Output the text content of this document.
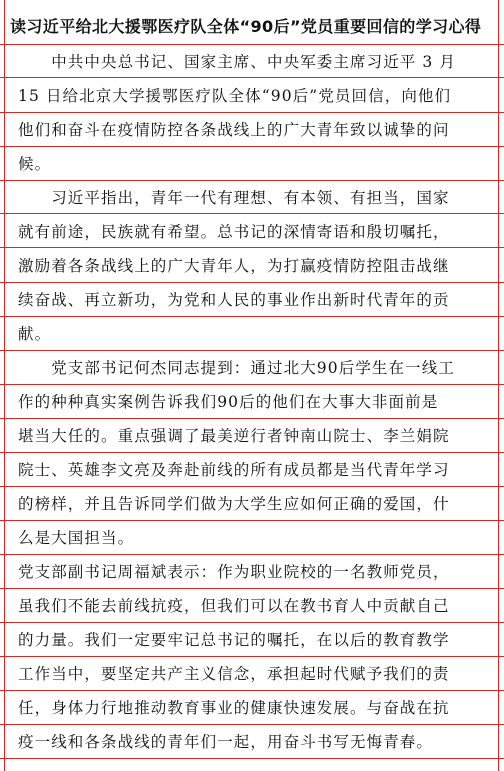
读习近平给北大援鄂医疗队全体“90后”党员重要回信的学习心得
　　中共中央总书记、国家主席、中央军委主席习近平 3 月
15 日给北京大学援鄂医疗队全体“90后”党员回信，向他们
他们和奋斗在疫情防控各条战线上的广大青年致以诚挚的问
候。
　　习近平指出，青年一代有理想、有本领、有担当，国家
就有前途，民族就有希望。总书记的深情寄语和殷切嘱托，
激励着各条战线上的广大青年人，为打赢疫情防控阻击战继
续奋战、再立新功，为党和人民的事业作出新时代青年的贡
献。
　　党支部书记何杰同志提到：通过北大90后学生在一线工
作的种种真实案例告诉我们90后的他们在大事大非面前是
堪当大任的。重点强调了最美逆行者钟南山院士、李兰娟院
院士、英雄李文亮及奔赴前线的所有成员都是当代青年学习
的榜样，并且告诉同学们做为大学生应如何正确的爱国，什
么是大国担当。
党支部副书记周福斌表示：作为职业院校的一名教师党员，
虽我们不能去前线抗疫，但我们可以在教书育人中贡献自己
的力量。我们一定要牢记总书记的嘱托，在以后的教育教学
工作当中，要坚定共产主义信念，承担起时代赋予我们的责
任，身体力行地推动教育事业的健康快速发展。与奋战在抗
疫一线和各条战线的青年们一起，用奋斗书写无悔青春。
